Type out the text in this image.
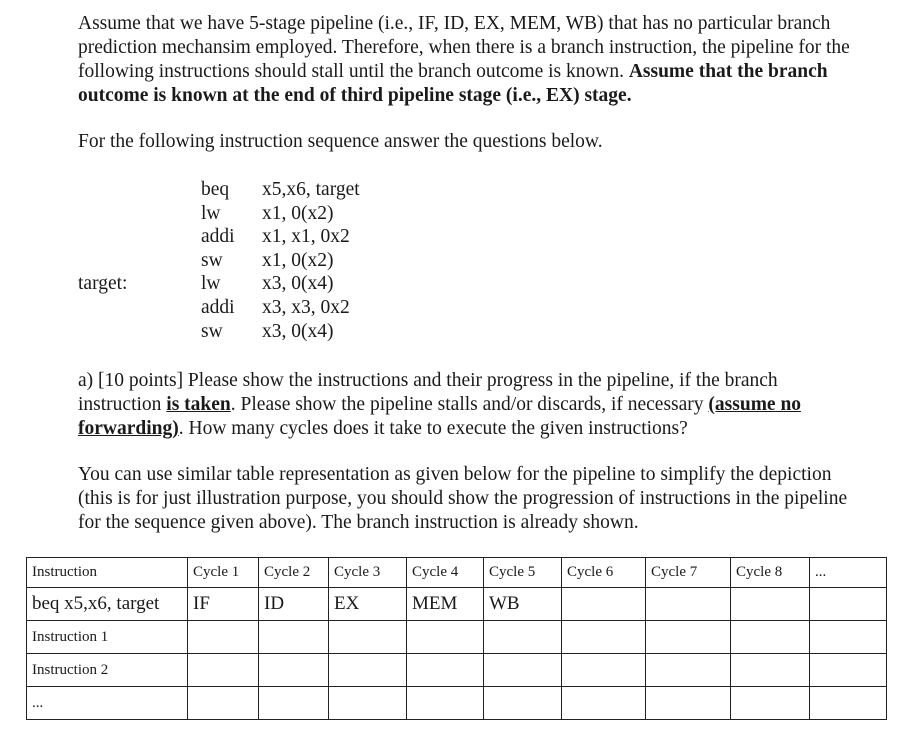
Assume that we have 5-stage pipeline (i.e., IF, ID, EX, MEM, WB) that has no particular branch
prediction mechansim employed. Therefore, when there is a branch instruction, the pipeline for the
following instructions should stall until the branch outcome is known. Assume that the branch
outcome is known at the end of third pipeline stage (i.e., EX) stage.
For the following instruction sequence answer the questions below.
beq x5,x6, target
lw x1, 0(x2)
addi x1, x1, 0x2
sw x1, 0(x2)
target:	lw x3, 0(x4)
addi x3, x3, 0x2
sw x3, 0(x4)
a) [10 points] Please show the instructions and their progress in the pipeline, if the branch
instruction is taken. Please show the pipeline stalls and/or discards, if necessary (assume no
forwarding). How many cycles does it take to execute the given instructions?
You can use similar table representation as given below for the pipeline to simplify the depiction
(this is for just illustration purpose, you should show the progression of instructions in the pipeline
for the sequence given above). The branch instruction is already shown.
Instruction	Cycle 1	Cycle 2	Cycle 3	Cycle 4	Cycle 5	Cycle 6	Cycle 7	Cycle 8	...
beq x5,x6, target	IF	ID	EX	MEM	WB				
Instruction 1									
Instruction 2									
...									
